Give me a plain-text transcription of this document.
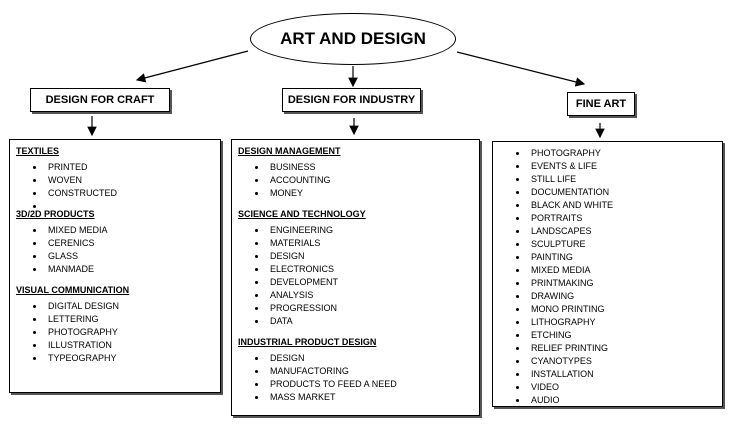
ART AND DESIGN
DESIGN FOR CRAFT	DESIGN FOR INDUSTRY	FINE ART
TEXTILES
PRINTED
WOVEN
CONSTRUCTED
3D/2D PRODUCTS
MIXED MEDIA
CERENICS
GLASS
MANMADE
VISUAL COMMUNICATION
DIGITAL DESIGN
LETTERING
PHOTOGRAPHY
ILLUSTRATION
TYPEOGRAPHY
DESIGN MANAGEMENT
BUSINESS
ACCOUNTING
MONEY
SCIENCE AND TECHNOLOGY
ENGINEERING
MATERIALS
DESIGN
ELECTRONICS
DEVELOPMENT
ANALYSIS
PROGRESSION
DATA
INDUSTRIAL PRODUCT DESIGN
DESIGN
MANUFACTORING
PRODUCTS TO FEED A NEED
MASS MARKET
PHOTOGRAPHY
EVENTS & LIFE
STILL LIFE
DOCUMENTATION
BLACK AND WHITE
PORTRAITS
LANDSCAPES
SCULPTURE
PAINTING
MIXED MEDIA
PRINTMAKING
DRAWING
MONO PRINTING
LITHOGRAPHY
ETCHING
RELIEF PRINTING
CYANOTYPES
INSTALLATION
VIDEO
AUDIO
